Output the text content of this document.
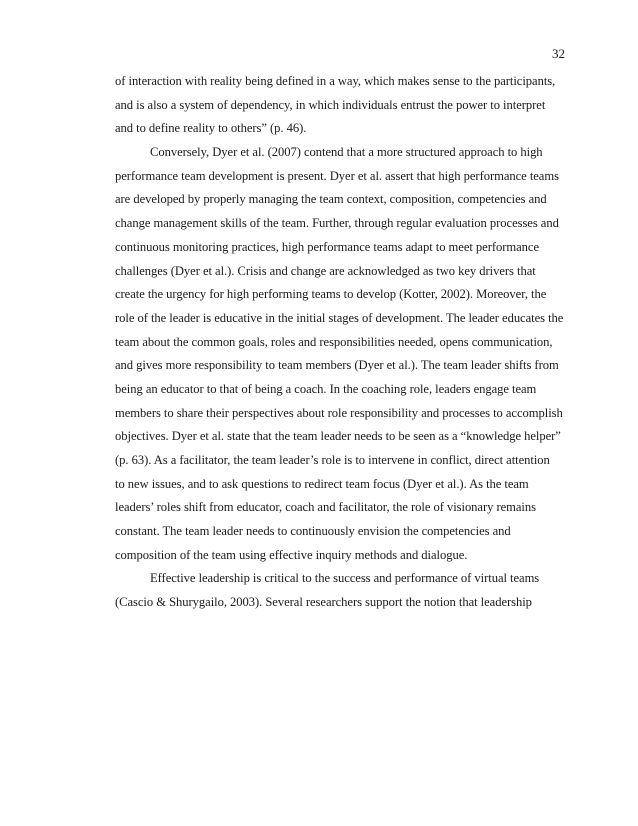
32
of interaction with reality being defined in a way, which makes sense to the participants,
and is also a system of dependency, in which individuals entrust the power to interpret
and to define reality to others” (p. 46).
Conversely, Dyer et al. (2007) contend that a more structured approach to high
performance team development is present. Dyer et al. assert that high performance teams
are developed by properly managing the team context, composition, competencies and
change management skills of the team. Further, through regular evaluation processes and
continuous monitoring practices, high performance teams adapt to meet performance
challenges (Dyer et al.). Crisis and change are acknowledged as two key drivers that
create the urgency for high performing teams to develop (Kotter, 2002). Moreover, the
role of the leader is educative in the initial stages of development. The leader educates the
team about the common goals, roles and responsibilities needed, opens communication,
and gives more responsibility to team members (Dyer et al.). The team leader shifts from
being an educator to that of being a coach. In the coaching role, leaders engage team
members to share their perspectives about role responsibility and processes to accomplish
objectives. Dyer et al. state that the team leader needs to be seen as a “knowledge helper”
(p. 63). As a facilitator, the team leader’s role is to intervene in conflict, direct attention
to new issues, and to ask questions to redirect team focus (Dyer et al.). As the team
leaders’ roles shift from educator, coach and facilitator, the role of visionary remains
constant. The team leader needs to continuously envision the competencies and
composition of the team using effective inquiry methods and dialogue.
Effective leadership is critical to the success and performance of virtual teams
(Cascio & Shurygailo, 2003). Several researchers support the notion that leadership
